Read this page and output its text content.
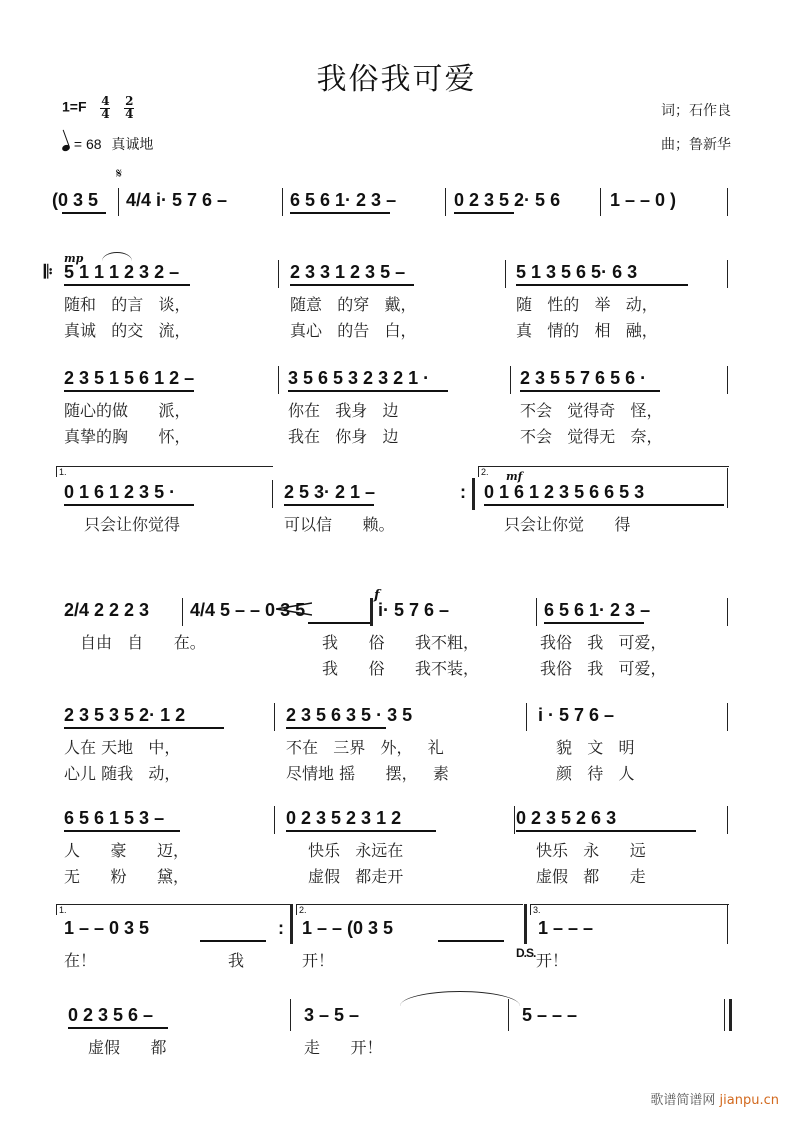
我俗我可爱
$1=F \frac{4}{4}$
$\frac{2}{4}$
= 68 真诚地
词；石作良
曲；鲁新华
𝄋
(0 3 5 4/4 i· 5 7 6 –	6 5 6 1· 2 3 –	0 2 3 5 2· 5 6	1 – – 0 )
mp
𝄆 5 1 1 1 2 3 2 –	2 3 3 1 2 3 5 –	5 1 3 5 6 5· 6 3
随和   的言   谈，
真诚   的交   流，
随意   的穿   戴，
真心   的告   白，
随   性的   举   动，
真   情的   相   融，
2 3 5 1 5 6 1 2 –	3 5 6 5 3 2 3 2 1 ·	2 3 5 5 7 6 5 6 ·
随心的做      派，
真挚的胸      怀，
你在   我身   边
我在   你身   边
不会   觉得奇   怪，
不会   觉得无   奈，
1.
0 1 6 1 2 3 5 ·	2 5 3· 2 1 –	:
2.	mf
0 1 6 1 2 3 5 6 6 5 3
只会让你觉得	可以信      赖。	只会让你觉      得
2/4 2 2 2 3 4/4 5 – – 0 3 5
f
i· 5 7 6 –	6 5 6 1· 2 3 –
自由   自      在。	我      俗      我不粗，
我      俗      我不装，
我俗   我   可爱，
我俗   我   可爱，
2 3 5 3 5 2· 1 2	2 3 5 6 3 5 · 3 5	i · 5 7 6 –
人在 天地   中，
心儿 随我   动，
不在   三界   外，   礼
尽情地 摇      摆，   素
貌   文   明
颜   待   人
6 5 6 1 5 3 –	0 2 3 5 2 3 1 2	0 2 3 5 2 6 3
人      豪      迈，
无      粉      黛，
快乐   永远在
虚假   都走开
快乐   永      远
虚假   都      走
1.
1 – – 0 3 5	:
2.
1 – – (0 3 5
3.
1 – – –
在！	我	开！	D.S. 开！
0 2 3 5 6 –	3 – 5 –	5 – – –
虚假      都	走      开！
歌谱简谱网 jianpu.cn
